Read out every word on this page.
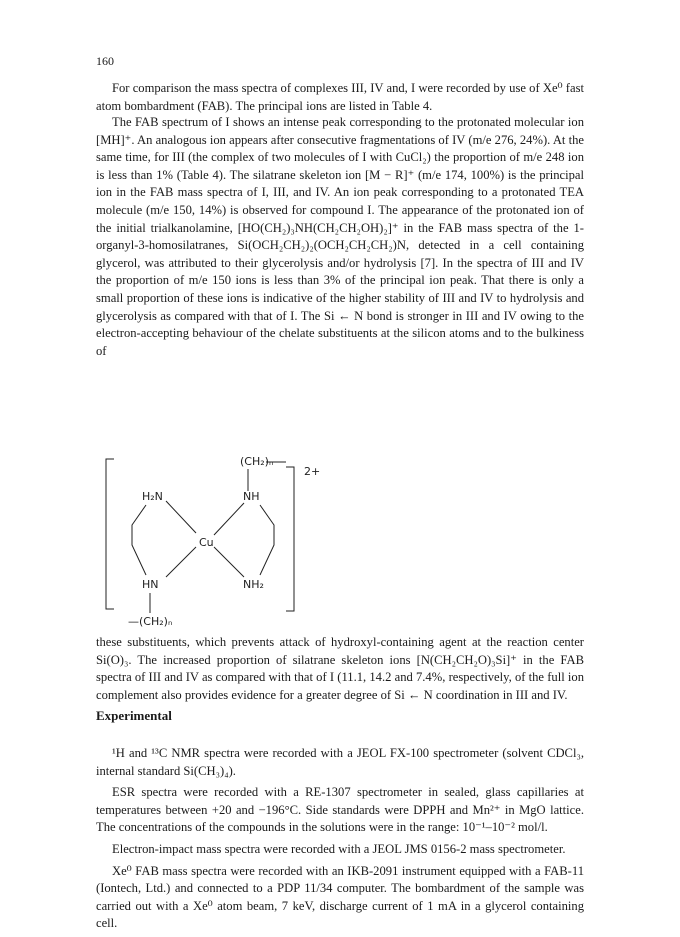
160

For comparison the mass spectra of complexes III, IV and, I were recorded by use of Xe⁰ fast atom bombardment (FAB). The principal ions are listed in Table 4.

The FAB spectrum of I shows an intense peak corresponding to the protonated molecular ion [MH]⁺. An analogous ion appears after consecutive fragmentations of IV (m/e 276, 24%). At the same time, for III (the complex of two molecules of I with CuCl₂) the proportion of m/e 248 ion is less than 1% (Table 4). The silatrane skeleton ion [M − R]⁺ (m/e 174, 100%) is the principal ion in the FAB mass spectra of I, III, and IV. An ion peak corresponding to a protonated TEA molecule (m/e 150, 14%) is observed for compound I. The appearance of the protonated ion of the initial trialkanolamine, [HO(CH₂)₃NH(CH₂CH₂OH)₂]⁺ in the FAB mass spectra of the 1-organyl-3-homosilatranes, Si(OCH₂CH₂)₂(OCH₂CH₂CH₂)N, detected in a cell containing glycerol, was attributed to their glycerolysis and/or hydrolysis [7]. In the spectra of III and IV the proportion of m/e 150 ions is less than 3% of the principal ion peak. That there is only a small proportion of these ions is indicative of the higher stability of III and IV to hydrolysis and glycerolysis as compared with that of I. The Si ← N bond is stronger in III and IV owing to the electron-accepting behaviour of the chelate substituents at the silicon atoms and to the bulkiness of

(CH₂)ₙ
2+
H₂N	NH
Cu
HN	NH₂
—(CH₂)ₙ

these substituents, which prevents attack of hydroxyl-containing agent at the reaction center Si(O)₃. The increased proportion of silatrane skeleton ions [N(CH₂CH₂O)₃Si]⁺ in the FAB spectra of III and IV as compared with that of I (11.1, 14.2 and 7.4%, respectively, of the full ion complement also provides evidence for a greater degree of Si ← N coordination in III and IV.

Experimental

¹H and ¹³C NMR spectra were recorded with a JEOL FX-100 spectrometer (solvent CDCl₃, internal standard Si(CH₃)₄).

ESR spectra were recorded with a RE-1307 spectrometer in sealed, glass capillaries at temperatures between +20 and −196°C. Side standards were DPPH and Mn²⁺ in MgO lattice. The concentrations of the compounds in the solutions were in the range: 10⁻¹–10⁻² mol/l.

Electron-impact mass spectra were recorded with a JEOL JMS 0156-2 mass spectrometer.

Xe⁰ FAB mass spectra were recorded with an IKB-2091 instrument equipped with a FAB-11 (Iontech, Ltd.) and connected to a PDP 11/34 computer. The bombardment of the sample was carried out with a Xe⁰ atom beam, 7 keV, discharge current of 1 mA in a glycerol containing cell.
